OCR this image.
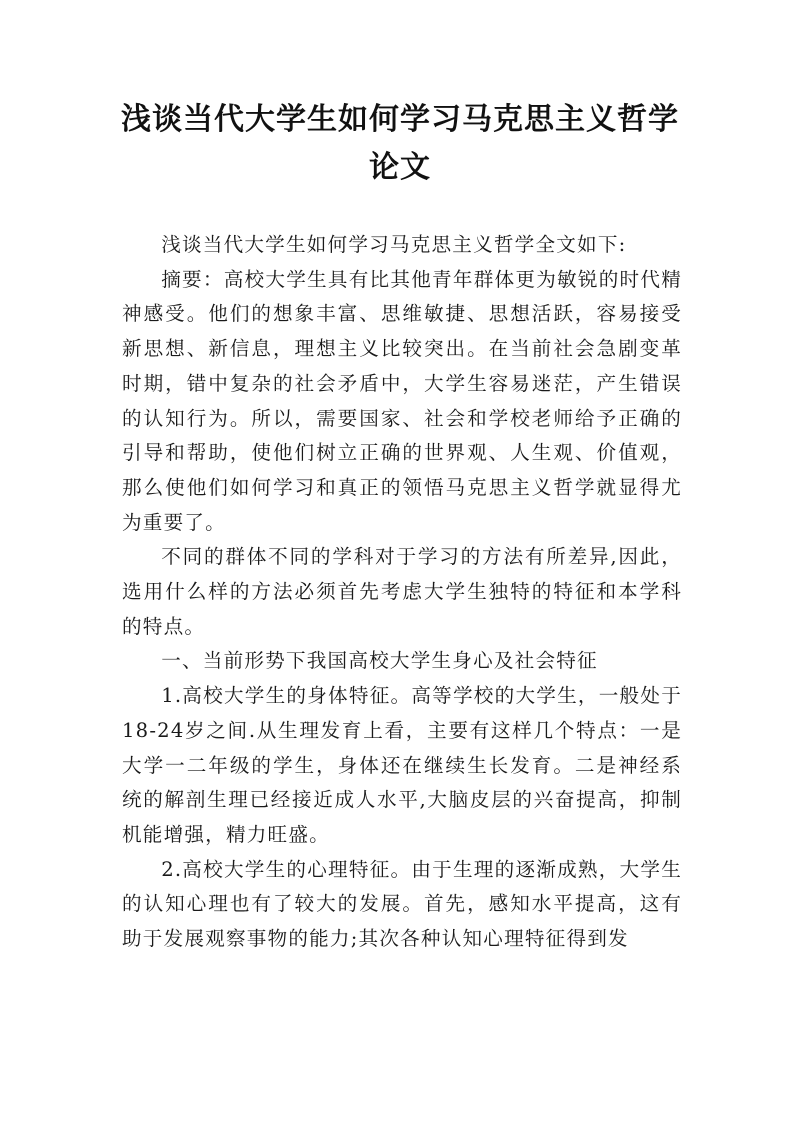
浅谈当代大学生如何学习马克思主义哲学
论文

浅谈当代大学生如何学习马克思主义哲学全文如下:

摘要：高校大学生具有比其他青年群体更为敏锐的时代精神感受。他们的想象丰富、思维敏捷、思想活跃，容易接受新思想、新信息，理想主义比较突出。在当前社会急剧变革时期，错中复杂的社会矛盾中，大学生容易迷茫，产生错误的认知行为。所以，需要国家、社会和学校老师给予正确的引导和帮助，使他们树立正确的世界观、人生观、价值观，那么使他们如何学习和真正的领悟马克思主义哲学就显得尤为重要了。

不同的群体不同的学科对于学习的方法有所差异,因此，选用什么样的方法必须首先考虑大学生独特的特征和本学科的特点。

一、当前形势下我国高校大学生身心及社会特征

1.高校大学生的身体特征。高等学校的大学生，一般处于18-24岁之间.从生理发育上看，主要有这样几个特点：一是大学一二年级的学生，身体还在继续生长发育。二是神经系统的解剖生理已经接近成人水平,大脑皮层的兴奋提高，抑制机能增强，精力旺盛。

2.高校大学生的心理特征。由于生理的逐渐成熟，大学生的认知心理也有了较大的发展。首先，感知水平提高，这有助于发展观察事物的能力;其次各种认知心理特征得到发
